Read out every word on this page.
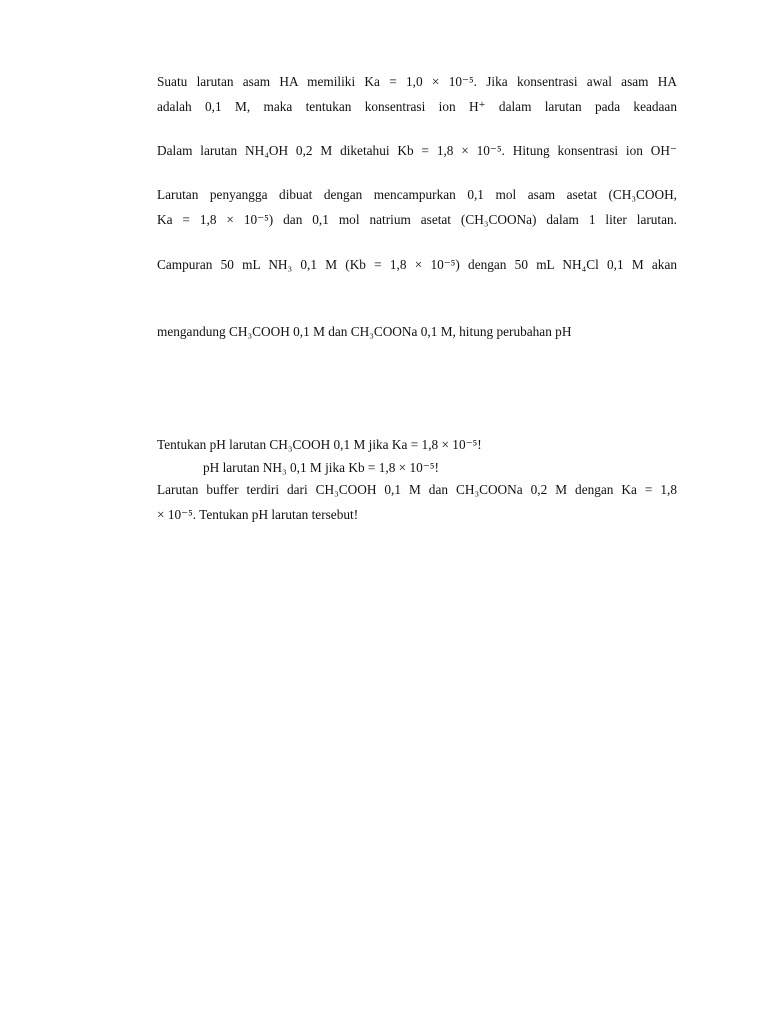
Suatu larutan asam HA memiliki Ka = 1,0 × 10⁻⁵. Jika konsentrasi awal asam HA
adalah 0,1 M, maka tentukan konsentrasi ion H⁺ dalam larutan pada keadaan
Dalam larutan NH₄OH 0,2 M diketahui Kb = 1,8 × 10⁻⁵. Hitung konsentrasi ion OH⁻
Larutan penyangga dibuat dengan mencampurkan 0,1 mol asam asetat (CH₃COOH,
Ka = 1,8 × 10⁻⁵) dan 0,1 mol natrium asetat (CH₃COONa) dalam 1 liter larutan.
Campuran 50 mL NH₃ 0,1 M (Kb = 1,8 × 10⁻⁵) dengan 50 mL NH₄Cl 0,1 M akan
mengandung CH₃COOH 0,1 M dan CH₃COONa 0,1 M, hitung perubahan pH
Tentukan pH larutan CH₃COOH 0,1 M jika Ka = 1,8 × 10⁻⁵!
pH larutan NH₃ 0,1 M jika Kb = 1,8 × 10⁻⁵!
Larutan buffer terdiri dari CH₃COOH 0,1 M dan CH₃COONa 0,2 M dengan Ka = 1,8
× 10⁻⁵. Tentukan pH larutan tersebut!
